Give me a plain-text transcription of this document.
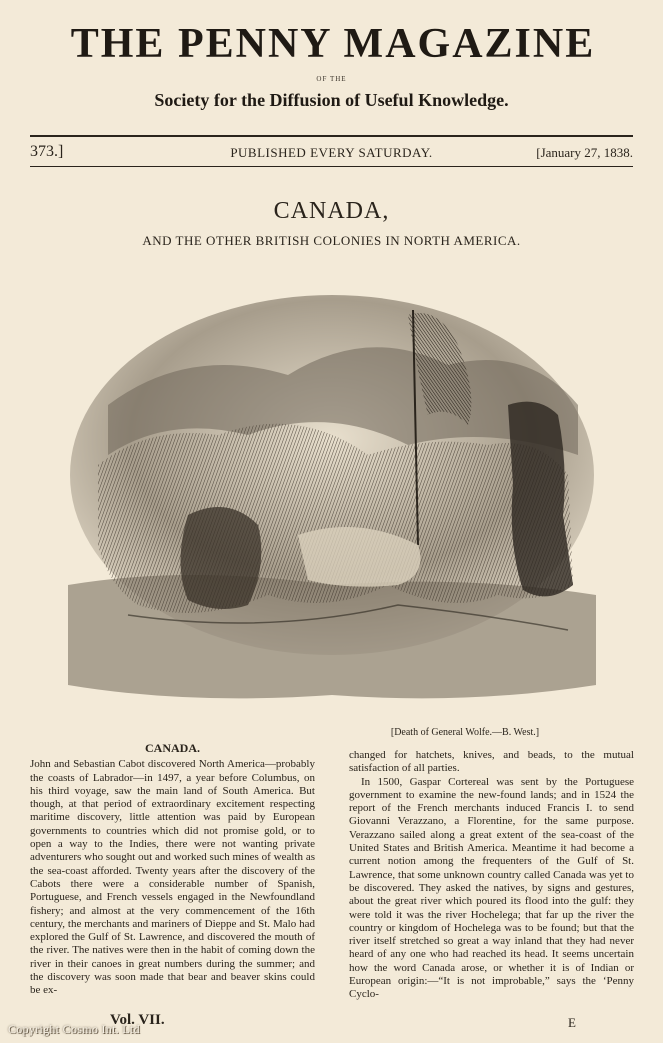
THE PENNY MAGAZINE
OF THE
Society for the Diffusion of Useful Knowledge.
373.]	PUBLISHED EVERY SATURDAY.	[January 27, 1838.
CANADA,
AND THE OTHER BRITISH COLONIES IN NORTH AMERICA.
[Death of General Wolfe.—B. West.]
CANADA.

John and Sebastian Cabot discovered North America—probably the coasts of Labrador—in 1497, a year before Columbus, on his third voyage, saw the main land of South America. But though, at that period of extraordinary excitement respecting maritime discovery, little attention was paid by European governments to countries which did not promise gold, or to open a way to the Indies, there were not wanting private adventurers who sought out and worked such mines of wealth as the sea-coast afforded. Twenty years after the discovery of the Cabots there were a considerable number of Spanish, Portuguese, and French vessels engaged in the Newfoundland fishery; and almost at the very commencement of the 16th century, the merchants and mariners of Dieppe and St. Malo had explored the Gulf of St. Lawrence, and discovered the mouth of the river. The natives were then in the habit of coming down the river in their canoes in great numbers during the summer; and the discovery was soon made that bear and beaver skins could be ex-

changed for hatchets, knives, and beads, to the mutual satisfaction of all parties.

In 1500, Gaspar Cortereal was sent by the Portuguese government to examine the new-found lands; and in 1524 the report of the French merchants induced Francis I. to send Giovanni Verazzano, a Florentine, for the same purpose. Verazzano sailed along a great extent of the sea-coast of the United States and British America. Meantime it had become a current notion among the frequenters of the Gulf of St. Lawrence, that some unknown country called Canada was yet to be discovered. They asked the natives, by signs and gestures, about the great river which poured its flood into the gulf: they were told it was the river Hochelega; that far up the river the country or kingdom of Hochelega was to be found; but that the river itself stretched so great a way inland that they had never heard of any one who had reached its head. It seems uncertain how the word Canada arose, or whether it is of Indian or European origin:—“It is not improbable,” says the ‘Penny Cyclo-

Vol. VII.	E
Copyright Cosmo Int. Ltd
